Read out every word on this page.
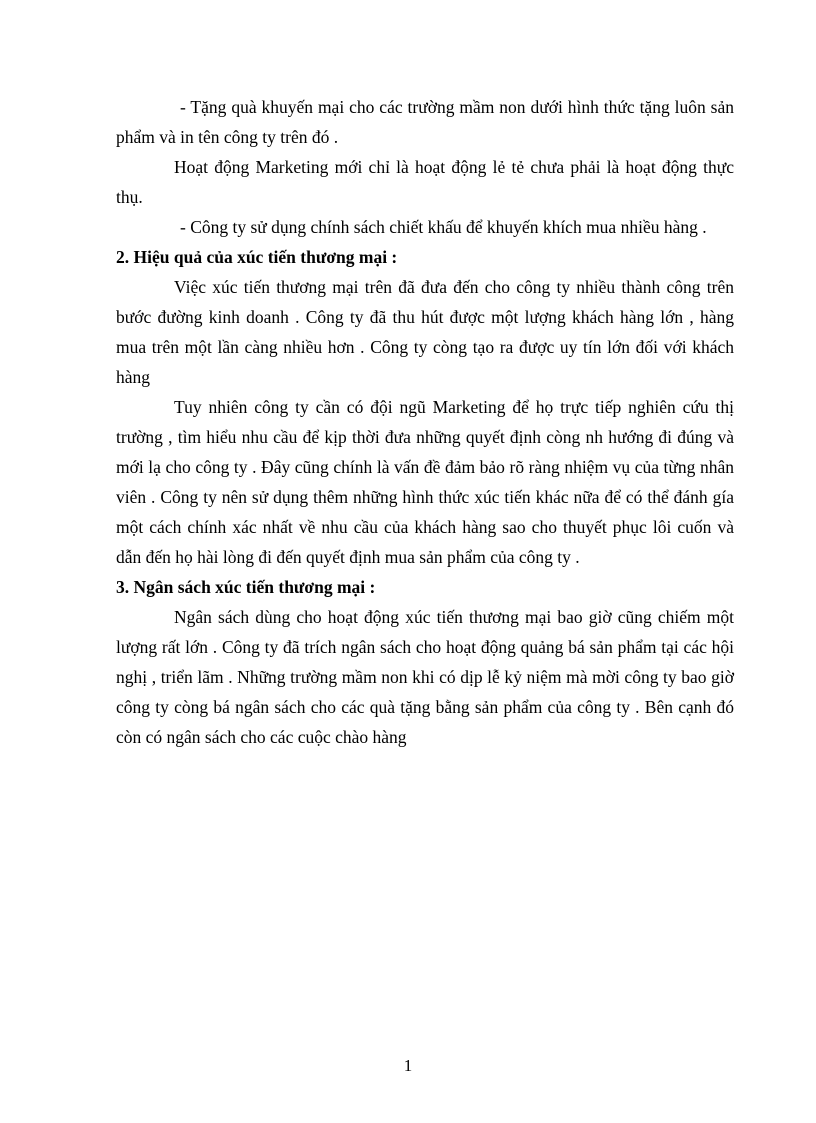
- Tặng quà khuyến mại cho các trường mầm non dưới hình thức tặng luôn sản phẩm và in tên công ty trên đó .

Hoạt động Marketing mới chỉ là hoạt động lẻ tẻ chưa phải là hoạt động thực thụ.

- Công ty sử dụng chính sách chiết khấu để khuyến khích mua nhiều hàng .

2. Hiệu quả của xúc tiến thương mại :

Việc xúc tiến thương mại trên đã đưa đến cho công ty nhiều thành công trên bước đường kinh doanh . Công ty đã thu hút được một lượng khách hàng lớn , hàng mua trên một lần càng nhiều hơn . Công ty còng tạo ra được uy tín lớn đối với khách hàng

Tuy nhiên công ty cần có đội ngũ Marketing để họ trực tiếp nghiên cứu thị trường , tìm hiểu nhu cầu để kịp thời đưa những quyết định còng nh hướng đi đúng và mới lạ cho công ty . Đây cũng chính là vấn đề đảm bảo rõ ràng nhiệm vụ của từng nhân viên . Công ty nên sử dụng thêm những hình thức xúc tiến khác nữa để có thể đánh gía một cách chính xác nhất về nhu cầu của khách hàng sao cho thuyết phục lôi cuốn và dẫn đến họ hài lòng đi đến quyết định mua sản phẩm của công ty .

3. Ngân sách xúc tiến thương mại :

Ngân sách dùng cho hoạt động xúc tiến thương mại bao giờ cũng chiếm một lượng rất lớn . Công ty đã trích ngân sách cho hoạt động quảng bá sản phẩm tại các hội nghị , triển lãm . Những trường mầm non khi có dịp lễ kỷ niệm mà mời công ty bao giờ công ty còng bá ngân sách cho các quà tặng bằng sản phẩm của công ty . Bên cạnh đó còn có ngân sách cho các cuộc chào hàng

1
